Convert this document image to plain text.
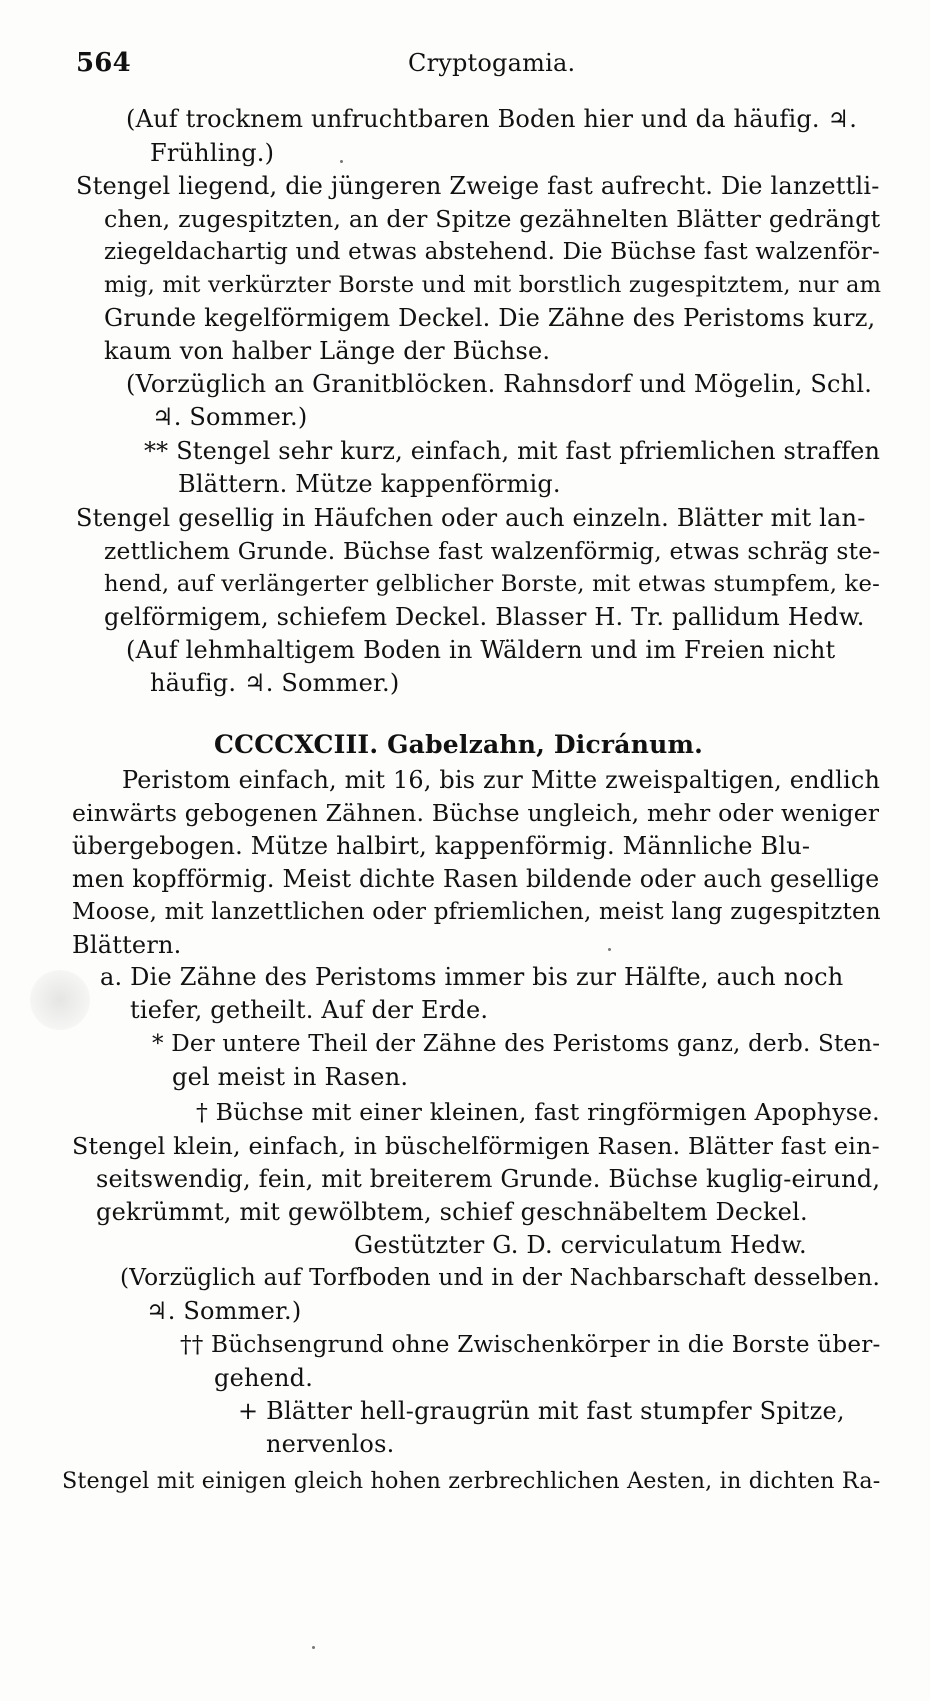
564	Cryptogamia.
(Auf trocknem unfruchtbaren Boden hier und da häufig. ♃.
Frühling.)
Stengel liegend, die jüngeren Zweige fast aufrecht. Die lanzettli-
chen, zugespitzten, an der Spitze gezähnelten Blätter gedrängt
ziegeldachartig und etwas abstehend. Die Büchse fast walzenför-
mig, mit verkürzter Borste und mit borstlich zugespitztem, nur am
Grunde kegelförmigem Deckel. Die Zähne des Peristoms kurz,
kaum von halber Länge der Büchse.
(Vorzüglich an Granitblöcken. Rahnsdorf und Mögelin, Schl.
♃. Sommer.)
** Stengel sehr kurz, einfach, mit fast pfriemlichen straffen
Blättern. Mütze kappenförmig.
Stengel gesellig in Häufchen oder auch einzeln. Blätter mit lan-
zettlichem Grunde. Büchse fast walzenförmig, etwas schräg ste-
hend, auf verlängerter gelblicher Borste, mit etwas stumpfem, ke-
gelförmigem, schiefem Deckel. Blasser H. Tr. pallidum Hedw.
(Auf lehmhaltigem Boden in Wäldern und im Freien nicht
häufig. ♃. Sommer.)
CCCCXCIII. Gabelzahn, Dicránum.
Peristom einfach, mit 16, bis zur Mitte zweispaltigen, endlich
einwärts gebogenen Zähnen. Büchse ungleich, mehr oder weniger
übergebogen. Mütze halbirt, kappenförmig. Männliche Blu-
men kopfförmig. Meist dichte Rasen bildende oder auch gesellige
Moose, mit lanzettlichen oder pfriemlichen, meist lang zugespitzten
Blättern.
a. Die Zähne des Peristoms immer bis zur Hälfte, auch noch
tiefer, getheilt. Auf der Erde.
* Der untere Theil der Zähne des Peristoms ganz, derb. Sten-
gel meist in Rasen.
† Büchse mit einer kleinen, fast ringförmigen Apophyse.
Stengel klein, einfach, in büschelförmigen Rasen. Blätter fast ein-
seitswendig, fein, mit breiterem Grunde. Büchse kuglig-eirund,
gekrümmt, mit gewölbtem, schief geschnäbeltem Deckel.
Gestützter G. D. cerviculatum Hedw.
(Vorzüglich auf Torfboden und in der Nachbarschaft desselben.
♃. Sommer.)
†† Büchsengrund ohne Zwischenkörper in die Borste über-
gehend.
+ Blätter hell-graugrün mit fast stumpfer Spitze,
nervenlos.
Stengel mit einigen gleich hohen zerbrechlichen Aesten, in dichten Ra-
